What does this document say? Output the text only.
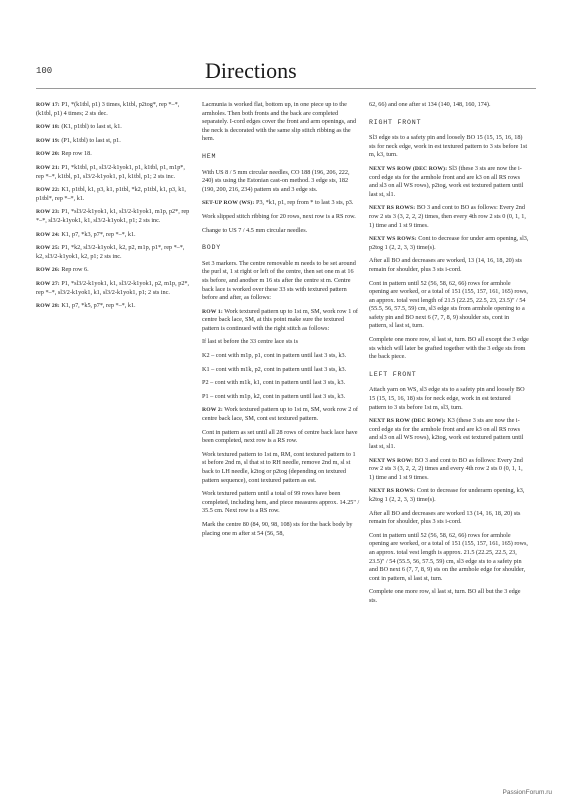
100	Directions

ROW 17: P1, *(k1tbl, p1) 3 times, k1tbl, p2tog*, rep *–*, (k1tbl, p1) 4 times; 2 sts dec.

ROW 18: (K1, p1tbl) to last st, k1.

ROW 19: (P1, k1tbl) to last st, p1.

ROW 20: Rep row 18.

ROW 21: P1, *k1tbl, p1, sl3/2-k1yok1, p1, k1tbl, p1, m1p*, rep *–*, k1tbl, p1, sl3/2-k1yok1, p1, k1tbl, p1; 2 sts inc.

ROW 22: K1, p1tbl, k1, p3, k1, p1tbl, *k2, p1tbl, k1, p3, k1, p1tbl*, rep *–*, k1.

ROW 23: P1, *sl3/2-k1yok1, k1, sl3/2-k1yok1, m1p, p2*, rep *–*, sl3/2-k1yok1, k1, sl3/2-k1yok1, p1; 2 sts inc.

ROW 24: K1, p7, *k3, p7*, rep *–*, k1.

ROW 25: P1, *k2, sl3/2-k1yok1, k2, p2, m1p, p1*, rep *–*, k2, sl3/2-k1yok1, k2, p1; 2 sts inc.

ROW 26: Rep row 6.

ROW 27: P1, *sl3/2-k1yok1, k1, sl3/2-k1yok1, p2, m1p, p2*, rep *–*, sl3/2-k1yok1, k1, sl3/2-k1yok1, p1; 2 sts inc.

ROW 28: K1, p7, *k5, p7*, rep *–*, k1.

Lacmunia is worked flat, bottom up, in one piece up to the armholes. Then both fronts and the back are completed separately. I-cord edges cover the front and arm openings, and the neck is decorated with the same slip stitch ribbing as the hem.

HEM

With US 8 / 5 mm circular needles, CO 188 (196, 206, 222, 240) sts using the Estonian cast-on method. 3 edge sts, 182 (190, 200, 216, 234) pattern sts and 3 edge sts.

SET-UP ROW (WS): P3, *k1, p1, rep from * to last 3 sts, p3.

Work slipped stitch ribbing for 20 rows, next row is a RS row.

Change to US 7 / 4.5 mm circular needles.

BODY

Set 3 markers. The centre removable m needs to be set around the purl st, 1 st right or left of the centre, then set one m at 16 sts before, and another m 16 sts after the centre st m. Centre back lace is worked over these 33 sts with textured pattern before and after, as follows:

ROW 1: Work textured pattern up to 1st m, SM, work row 1 of centre back lace, SM, at this point make sure the textured pattern is continued with the right stitch as follows:

If last st before the 33 centre lace sts is

K2 – cont with m1p, p1, cont in pattern until last 3 sts, k3.

K1 – cont with m1k, p2, cont in pattern until last 3 sts, k3.

P2 – cont with m1k, k1, cont in pattern until last 3 sts, k3.

P1 – cont with m1p, k2, cont in pattern until last 3 sts, k3.

ROW 2: Work textured pattern up to 1st m, SM, work row 2 of centre back lace, SM, cont est textured pattern.

Cont in pattern as set until all 28 rows of centre back lace have been completed, next row is a RS row.

Work textured pattern to 1st m, RM, cont textured pattern to 1 st before 2nd m, sl that st to RH needle, remove 2nd m, sl st back to LH needle, k2tog or p2tog (depending on textured pattern sequence), cont textured pattern as est.

Work textured pattern until a total of 99 rows have been completed, including hem, and piece measures approx. 14.25" / 35.5 cm. Next row is a RS row.

Mark the centre 80 (84, 90, 98, 108) sts for the back body by placing one m after st 54 (56, 58,

62, 66) and one after st 134 (140, 148, 160, 174).

RIGHT FRONT

Sl3 edge sts to a safety pin and loosely BO 15 (15, 15, 16, 18) sts for neck edge, work in est textured pattern to 3 sts before 1st m, k3, turn.

NEXT WS ROW (DEC ROW): Sl3 (these 3 sts are now the i-cord edge sts for the armhole front and are k3 on all RS rows and sl3 on all WS rows), p2tog, work est textured pattern until last st, sl1.

NEXT RS ROWS: BO 3 and cont to BO as follows: Every 2nd row 2 sts 3 (3, 2, 2, 2) times, then every 4th row 2 sts 0 (0, 1, 1, 1) time and 1 st 9 times.

NEXT WS ROWS: Cont to decrease for under arm opening, sl3, p2tog 1 (2, 2, 3, 3) time(s).

After all BO and decreases are worked, 13 (14, 16, 18, 20) sts remain for shoulder, plus 3 sts i-cord.

Cont in pattern until 52 (56, 58, 62, 66) rows for armhole opening are worked, or a total of 151 (155, 157, 161, 165) rows, an approx. total vest length of 21.5 (22.25, 22.5, 23, 23.5)" / 54 (55.5, 56, 57.5, 59) cm, sl3 edge sts from armhole opening to a safety pin and BO next 6 (7, 7, 8, 9) shoulder sts, cont in pattern, sl last st, turn.

Complete one more row, sl last st, turn. BO all except the 3 edge sts which will later be grafted together with the 3 edge sts from the back piece.

LEFT FRONT

Attach yarn on WS, sl3 edge sts to a safety pin and loosely BO 15 (15, 15, 16, 18) sts for neck edge, work in est textured pattern to 3 sts before 1st m, sl3, turn.

NEXT RS ROW (DEC ROW): K3 (these 3 sts are now the i-cord edge sts for the armhole front and are k3 on all RS rows and sl3 on all WS rows), k2tog, work est textured pattern until last st, sl1.

NEXT WS ROW: BO 3 and cont to BO as follows: Every 2nd row 2 sts 3 (3, 2, 2, 2) times and every 4th row 2 sts 0 (0, 1, 1, 1) time and 1 st 9 times.

NEXT RS ROWS: Cont to decrease for underarm opening, k3, k2tog 1 (2, 2, 3, 3) time(s).

After all BO and decreases are worked 13 (14, 16, 18, 20) sts remain for shoulder, plus 3 sts i-cord.

Cont in pattern until 52 (56, 58, 62, 66) rows for armhole opening are worked, or a total of 151 (155, 157, 161, 165) rows, an approx. total vest length is approx. 21.5 (22.25, 22.5, 23, 23.5)" / 54 (55.5, 56, 57.5, 59) cm, sl3 edge sts to a safety pin and BO next 6 (7, 7, 8, 9) sts on the armhole edge for shoulder, cont in pattern, sl last st, turn.

Complete one more row, sl last st, turn. BO all but the 3 edge sts.

PassionForum.ru
